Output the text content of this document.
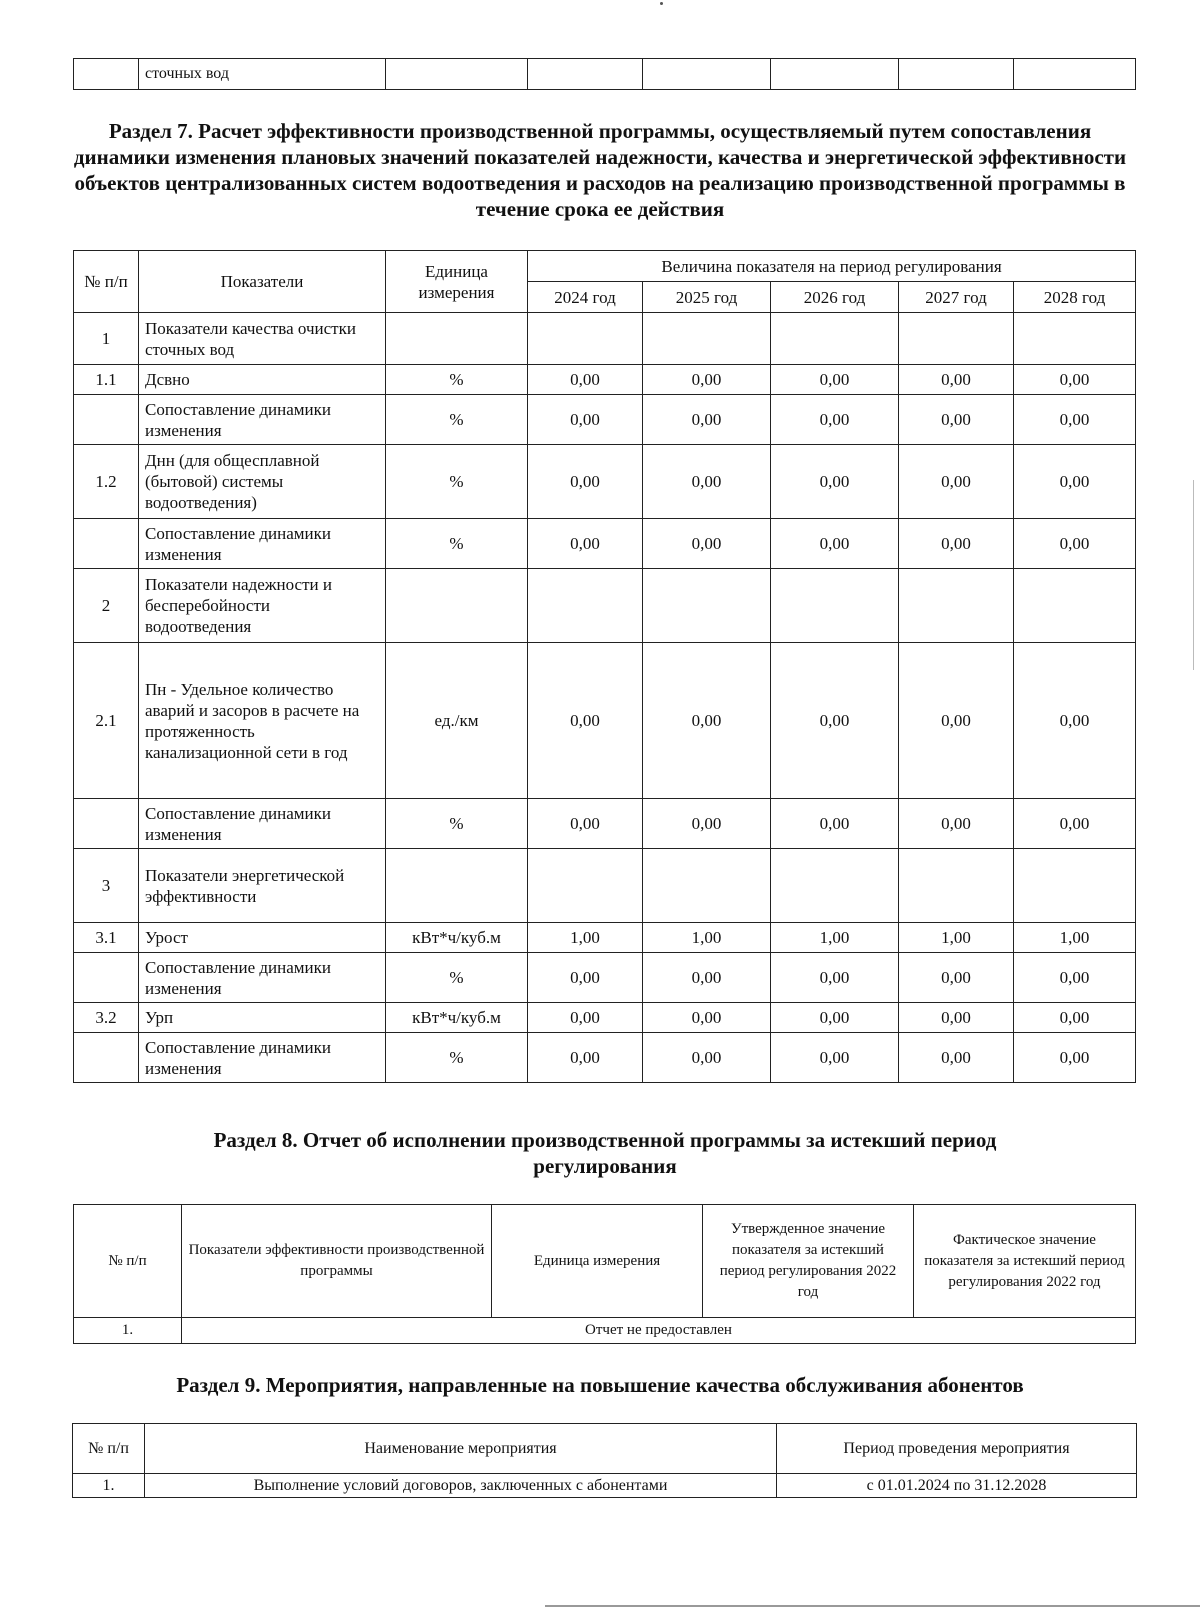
	сточных вод						
Раздел 7. Расчет эффективности производственной программы, осуществляемый путем сопоставления динамики изменения плановых значений показателей надежности, качества и энергетической эффективности объектов централизованных систем водоотведения и расходов на реализацию производственной программы в течение срока ее действия
№ п/п	Показатели	Единица измерения	Величина показателя на период регулирования				
			2024 год	2025 год	2026 год	2027 год	2028 год
1	Показатели качества очистки сточных вод						
1.1	Дсвно	%	0,00	0,00	0,00	0,00	0,00
	Сопоставление динамики изменения	%	0,00	0,00	0,00	0,00	0,00
1.2	Днн (для общесплавной (бытовой) системы водоотведения)	%	0,00	0,00	0,00	0,00	0,00
	Сопоставление динамики изменения	%	0,00	0,00	0,00	0,00	0,00
2	Показатели надежности и бесперебойности водоотведения						
2.1	Пн - Удельное количество аварий и засоров в расчете на протяженность канализационной сети в год	ед./км	0,00	0,00	0,00	0,00	0,00
	Сопоставление динамики изменения	%	0,00	0,00	0,00	0,00	0,00
3	Показатели энергетической эффективности						
3.1	Урост	кВт*ч/куб.м	1,00	1,00	1,00	1,00	1,00
	Сопоставление динамики изменения	%	0,00	0,00	0,00	0,00	0,00
3.2	Урп	кВт*ч/куб.м	0,00	0,00	0,00	0,00	0,00
	Сопоставление динамики изменения	%	0,00	0,00	0,00	0,00	0,00
Раздел 8. Отчет об исполнении производственной программы за истекший период регулирования
№ п/п	Показатели эффективности производственной программы	Единица измерения	Утвержденное значение показателя за истекший период регулирования 2022 год	Фактическое значение показателя за истекший период регулирования 2022 год
1.	Отчет не предоставлен			
Раздел 9. Мероприятия, направленные на повышение качества обслуживания абонентов
№ п/п	Наименование мероприятия	Период проведения мероприятия
1.	Выполнение условий договоров, заключенных с абонентами	с 01.01.2024 по 31.12.2028
